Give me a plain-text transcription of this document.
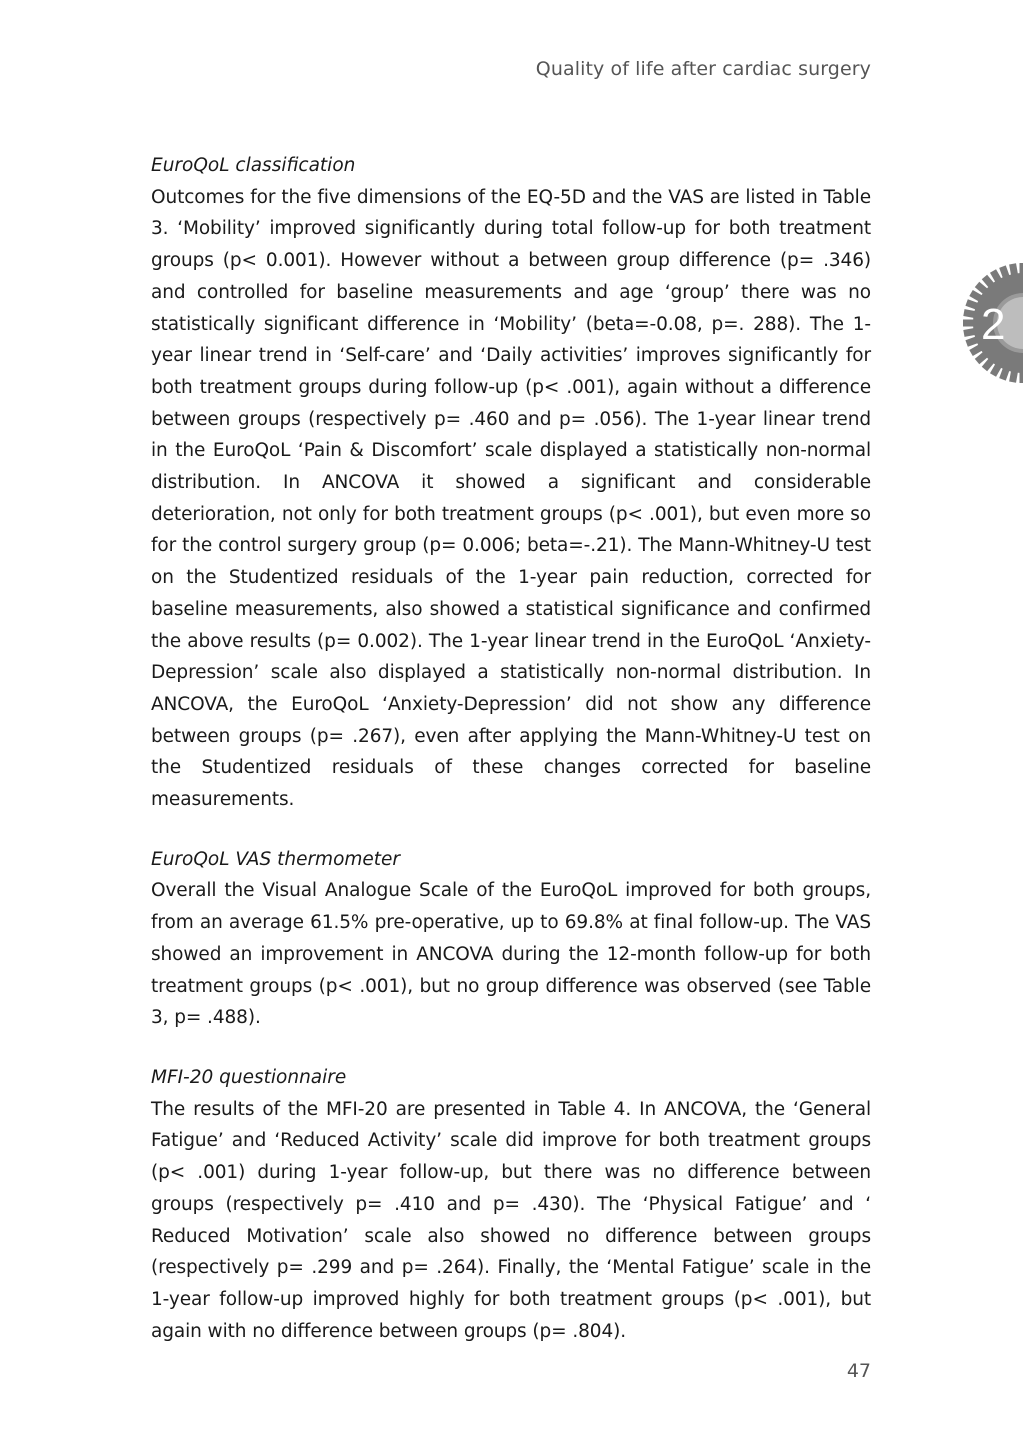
Quality of life after cardiac surgery
2

EuroQoL classification

Outcomes for the five dimensions of the EQ-5D and the VAS are listed in Table 3. ‘Mobility’ improved significantly during total follow-up for both treatment groups (p< 0.001). However without a between group difference (p= .346) and controlled for baseline measurements and age ‘group’ there was no statistically significant difference in ‘Mobility’ (beta=-0.08, p=. 288). The 1-year linear trend in ‘Self-care’ and ‘Daily activities’ improves significantly for both treatment groups during follow-up (p< .001), again without a difference between groups (respectively p= .460 and p= .056). The 1-year linear trend in the EuroQoL ‘Pain & Discomfort’ scale displayed a statistically non-normal distribution. In ANCOVA it showed a significant and considerable deterioration, not only for both treatment groups (p< .001), but even more so for the control surgery group (p= 0.006; beta=-.21). The Mann-Whitney-U test on the Studentized residuals of the 1-year pain reduction, corrected for baseline measurements, also showed a statistical significance and confirmed the above results (p= 0.002). The 1-year linear trend in the EuroQoL ‘Anxiety-Depression’ scale also displayed a statistically non-normal distribution. In ANCOVA, the EuroQoL ‘Anxiety-Depression’ did not show any difference between groups (p= .267), even after applying the Mann-Whitney-U test on the Studentized residuals of these changes corrected for baseline measurements.

EuroQoL VAS thermometer

Overall the Visual Analogue Scale of the EuroQoL improved for both groups, from an average 61.5% pre-operative, up to 69.8% at final follow-up. The VAS showed an improvement in ANCOVA during the 12-month follow-up for both treatment groups (p< .001), but no group difference was observed (see Table 3, p= .488).

MFI-20 questionnaire

The results of the MFI-20 are presented in Table 4. In ANCOVA, the ‘General Fatigue’ and ‘Reduced Activity’ scale did improve for both treatment groups (p< .001) during 1-year follow-up, but there was no difference between groups (respectively p= .410 and p= .430). The ‘Physical Fatigue’ and ‘ Reduced Motivation’ scale also showed no difference between groups (respectively p= .299 and p= .264). Finally, the ‘Mental Fatigue’ scale in the 1-year follow-up improved highly for both treatment groups (p< .001), but again with no difference between groups (p= .804).

47
